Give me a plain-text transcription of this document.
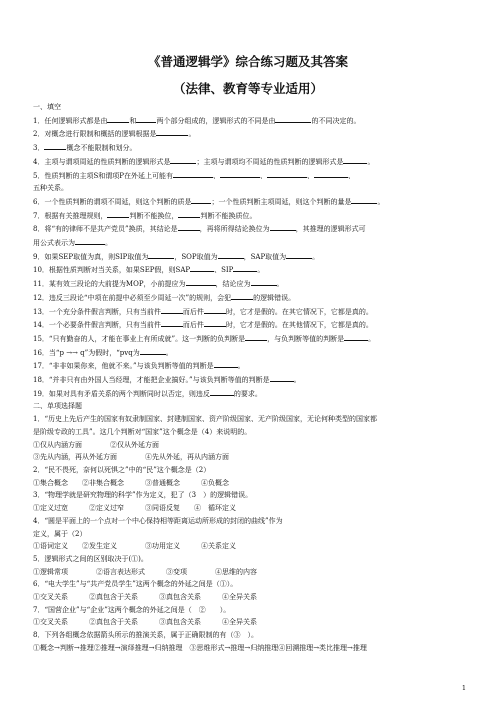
《普通逻辑学》综合练习题及其答案
（法律、教育等专业适用）
一、填空
1．任何逻辑形式都是由	和	两个部分组成的，逻辑形式的不同是由	的不同决定的。
2．对概念进行限制和概括的逻辑根据是	。
3．	概念不能限制和划分。
4．主项与谓项周延的性质判断的逻辑形式是	；主项与谓项均不周延的性质判断的逻辑形式是	。
5．性质判断的主项S和谓项P在外延上可能有	、	、	、	、
五种关系。
6．一个性质判断的谓项不周延，则这个判断的质是	；一个性质判断主项周延，则这个判断的量是	。
7．根据有关推理规则，	判断不能换位，	判断不能换质位。
8．将“有的律师不是共产党员”换质，其结论是	，再将所得结论换位为	，其推理的逻辑形式可
用公式表示为	。
9．如果SEP取值为真，则SIP取值为	，SOP取值为	，SAP取值为	。
10．根据性质判断对当关系，如果SEP假，则SAP	、SIP	。
11．某有效三段论的大前提为MOP，小前提应为	，结论应为	。
12．违反三段论“中项在前提中必须至少周延一次”的规则，会犯	的逻辑错误。
13．一个充分条件假言判断，只有当前件	而后件	时，它才是假的。在其它情况下，它都是真的。
14．一个必要条件假言判断，只有当前件	而后件	时，它才是假的。在其他情况下，它都是真的。
15．“只有勤奋的人，才能在事业上有所成就”。这一判断的负判断是	，与负判断等值的判断是	。
16．当“p →→ q”为假时，“pvq为	。
17．“非非如果你来，他就不来。”与该负判断等值的判断是	。
18．“并非只有由外国人当经理，才能把企业搞好。”与该负判断等值的判断是	。
19．如果对具有矛盾关系的两个判断同时以否定，则违反	的要求。
二、单项选择题
1．“历史上先后产生的国家有奴隶制国家、封建制国家、资产阶级国家、无产阶级国家，无论何种类型的国家都
是阶级专政的工具”。这几个判断对“国家”这个概念是（4）来说明的。
①仅从内涵方面　　　　②仅从外延方面
③先从内涵，再从外延方面　　　　④先从外延，再从内涵方面
2．“民不畏死，奈何以死惧之”中的“民”这个概念是（2）
①集合概念　　②非集合概念　　　③普通概念　　　④负概念
3．“物理学就是研究物理的科学”作为定义，犯了（3　）的逻辑错误。
①定义过宽　　　②定义过窄　　　③同语反复　　④　循环定义
4．“圆是平面上的一个点对一个中心保持相等距离运动所形成的封闭的曲线”作为
定义，属于（2）
①语词定义　　②发生定义　　　　③功用定义　　　④关系定义
5．逻辑形式之间的区别取决于(①)。
①逻辑常项　　　　②语言表达形式　　　③变项　　　　④思维的内容
6．“电大学生”与“共产党员学生”这两个概念的外延之间是（①）。
①交叉关系　　　②真包含于关系　　　③真包含关系　　　④全异关系
7．“国营企业”与“企业”这两个概念的外延之间是（　②　　）。
①交叉关系　　　②真包含于关系　　　③真包含关系　　　④全异关系
8．下列各组概念依据箭头所示的推演关系，属于正确限制的有（③　）。
①概念→判断→推理②推理→演绎推理→归纳推理　③思维形式→推理→归纳推理④回溯推理→类比推理→推理
1
